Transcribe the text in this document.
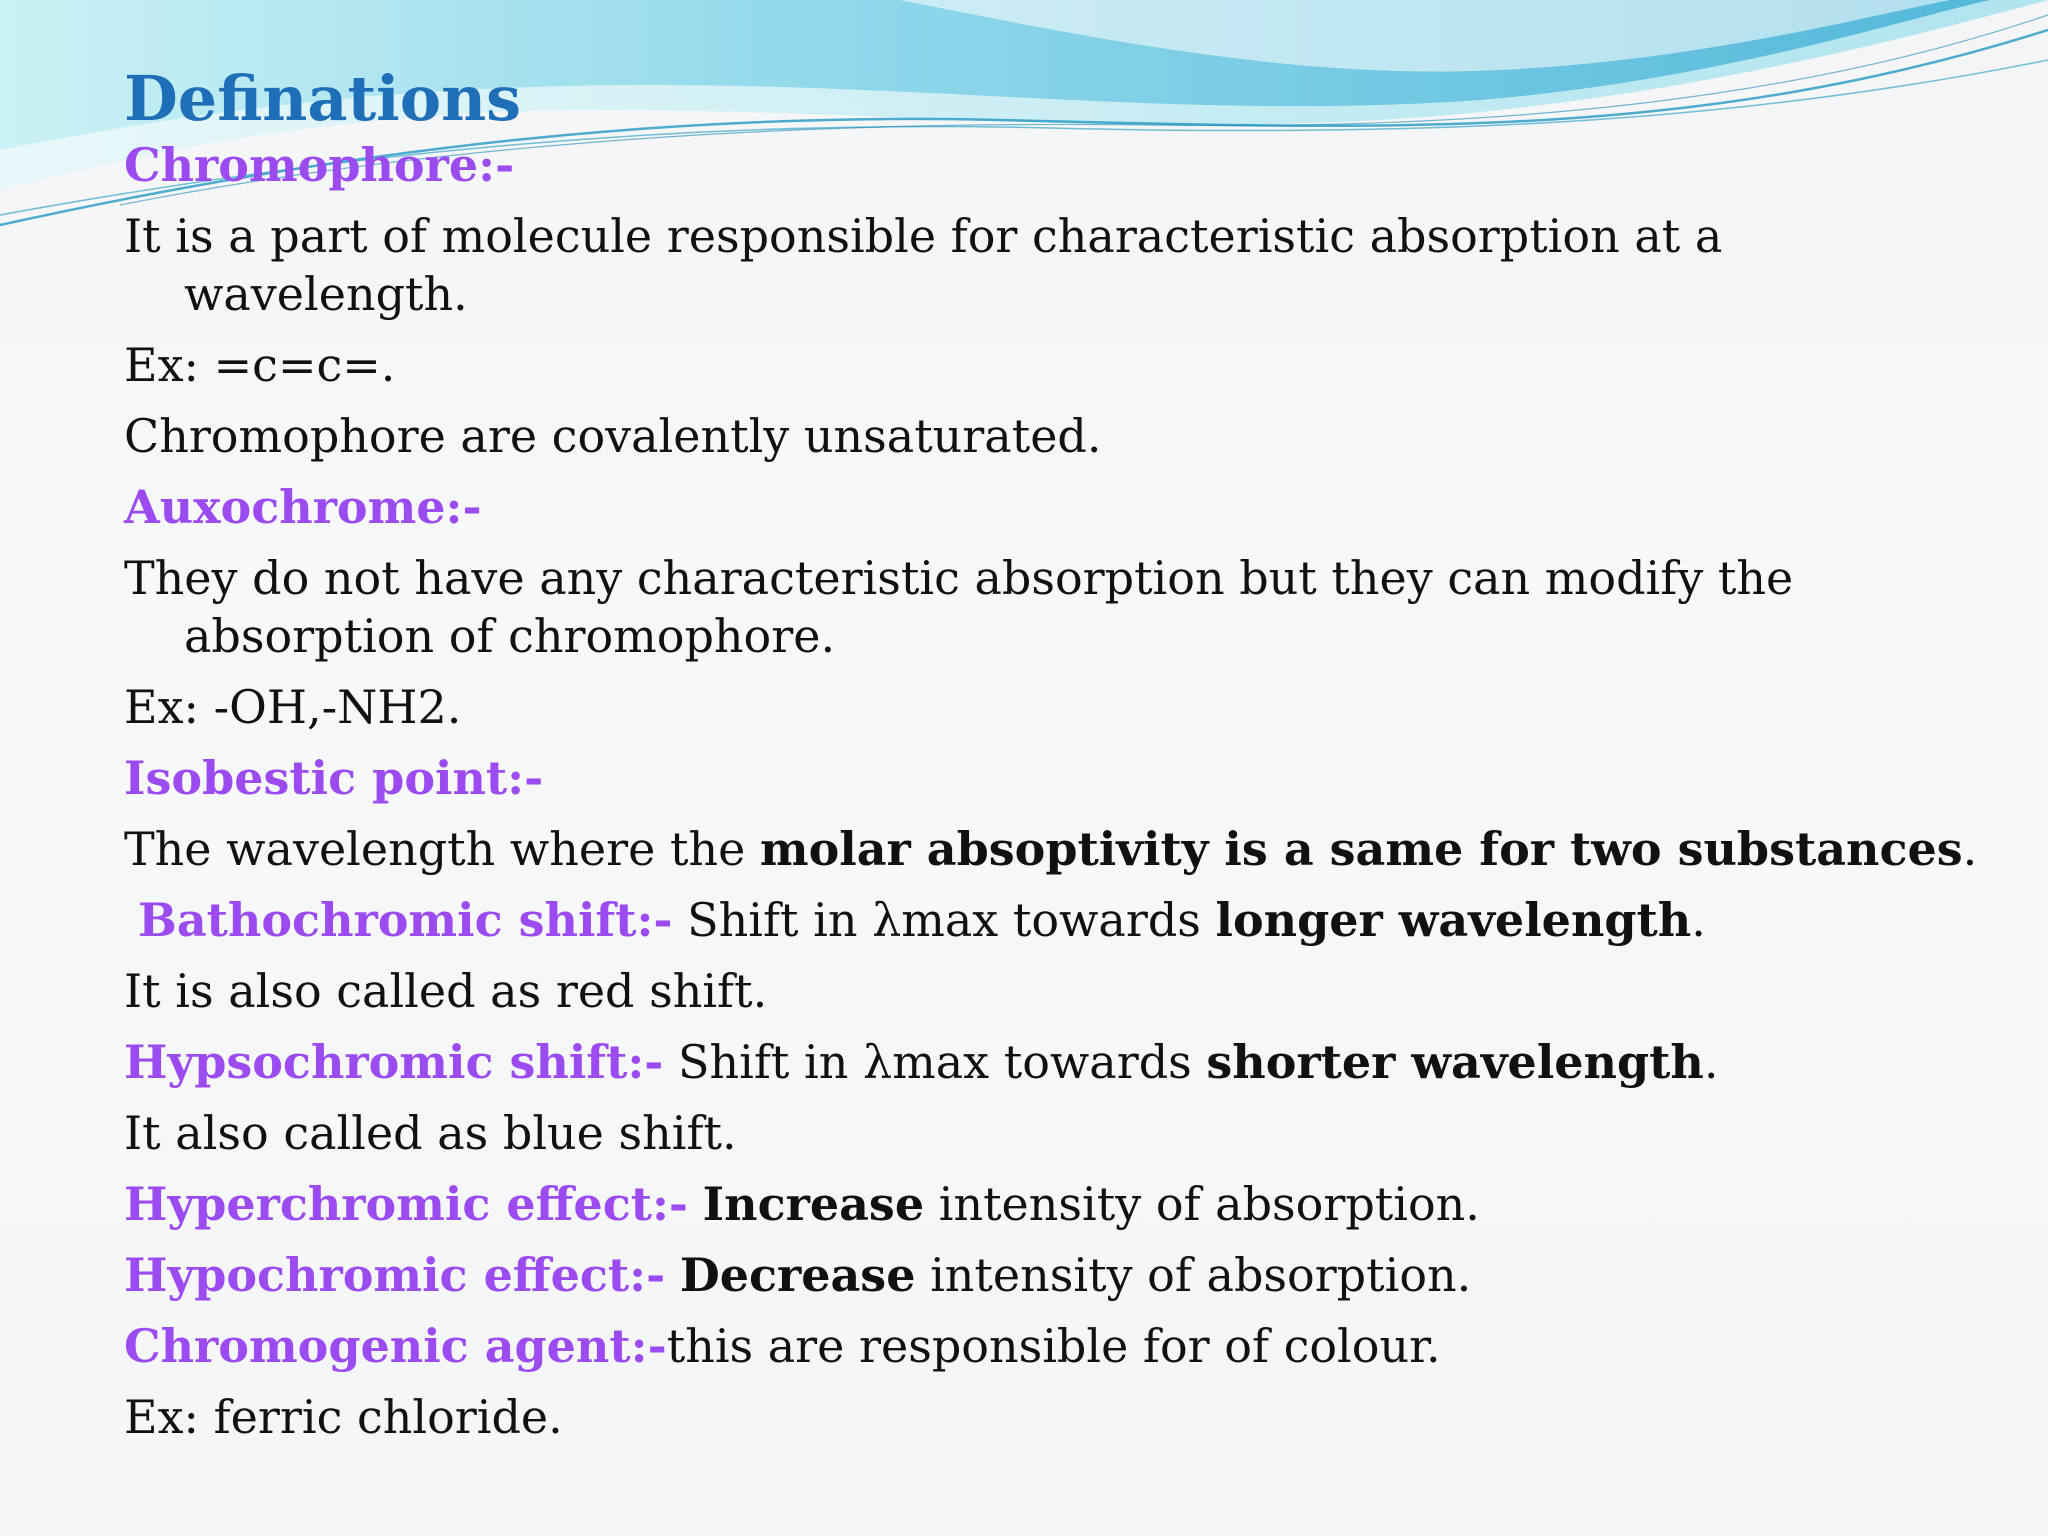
Definations

Chromophore:-

It is a part of molecule responsible for characteristic absorption at a wavelength.

Ex: =c=c=.

Chromophore are covalently unsaturated.

Auxochrome:-

They do not have any characteristic absorption but they can modify the absorption of chromophore.

Ex: -OH,-NH2.

Isobestic point:-

The wavelength where the molar absoptivity is a same for two substances.

Bathochromic shift:- Shift in λmax towards longer wavelength.

It is also called as red shift.

Hypsochromic shift:- Shift in λmax towards shorter wavelength.

It also called as blue shift.

Hyperchromic effect:- Increase intensity of absorption.

Hypochromic effect:- Decrease intensity of absorption.

Chromogenic agent:-this are responsible for of colour.

Ex: ferric chloride.
